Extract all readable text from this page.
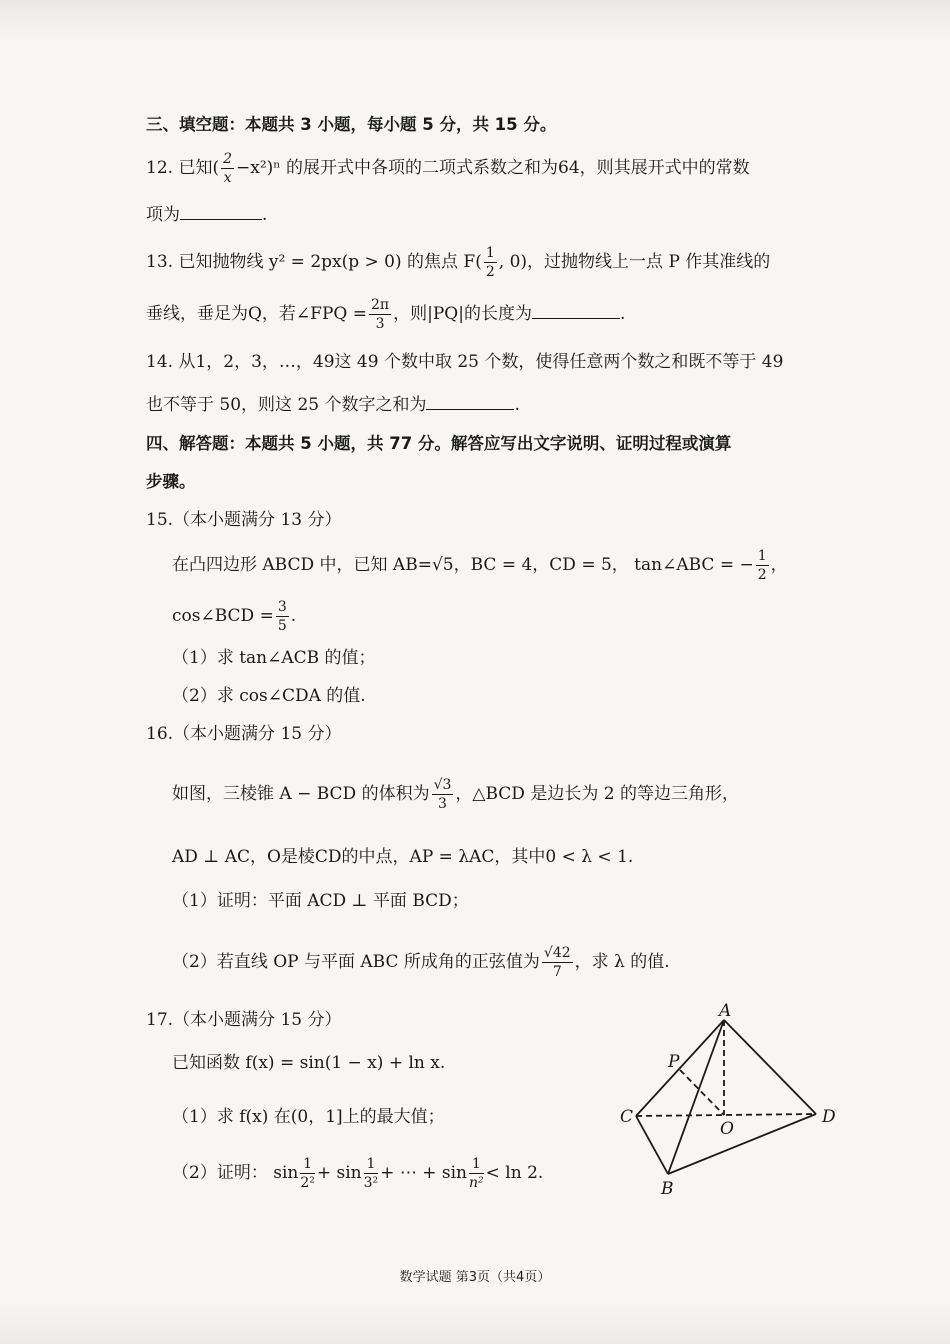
三、填空题：本题共 3 小题，每小题 5 分，共 15 分。
12. 已知( $\frac{2}{x} -x^2)^n$ 的展开式中各项的二项式系数之和为64，则其展开式中的常数
项为	.
13. 已知抛物线 y² = 2px(p > 0) 的焦点 $F( \frac{1}{2}$ , 0)，过抛物线上一点 P 作其准线的
垂线，垂足为Q，若∠FPQ = $\frac{2\pi}{3}$ ，则|PQ|的长度为	.
14. 从1，2，3，…，49这 49 个数中取 25 个数，使得任意两个数之和既不等于 49
也不等于 50，则这 25 个数字之和为	.
四、解答题：本题共 5 小题，共 77 分。解答应写出文字说明、证明过程或演算
步骤。
15.（本小题满分 13 分）
在凸四边形 ABCD 中，已知 AB=√5，BC = 4，CD = 5， tan∠ABC = − $\frac{1}{2}$ ，
cos∠BCD = $\frac{3}{5}$ .
（1）求 tan∠ACB 的值；
（2）求 cos∠CDA 的值.
16.（本小题满分 15 分）
如图，三棱锥 A − BCD 的体积为 $\frac{√3}{3}$ ，△BCD 是边长为 2 的等边三角形，
AD ⊥ AC，O是棱CD的中点，AP = λAC，其中0 < λ < 1.
（1）证明：平面 ACD ⊥ 平面 BCD；
（2）若直线 OP 与平面 ABC 所成角的正弦值为 $\frac{√42}{7}$ ，求 λ 的值.
17.（本小题满分 15 分）
已知函数 f(x) = sin(1 − x) + ln x.
（1）求 f(x) 在(0，1]上的最大值；
（2）证明： $\sin \frac{1}{\text{2²}} + \sin \frac{1}{\text{3²}}$ + ⋯ + $\sin \frac{1}{\text{n²}} < \ln 2$.
A
P
C
O
D
B
数学试题 第3页（共4页）
